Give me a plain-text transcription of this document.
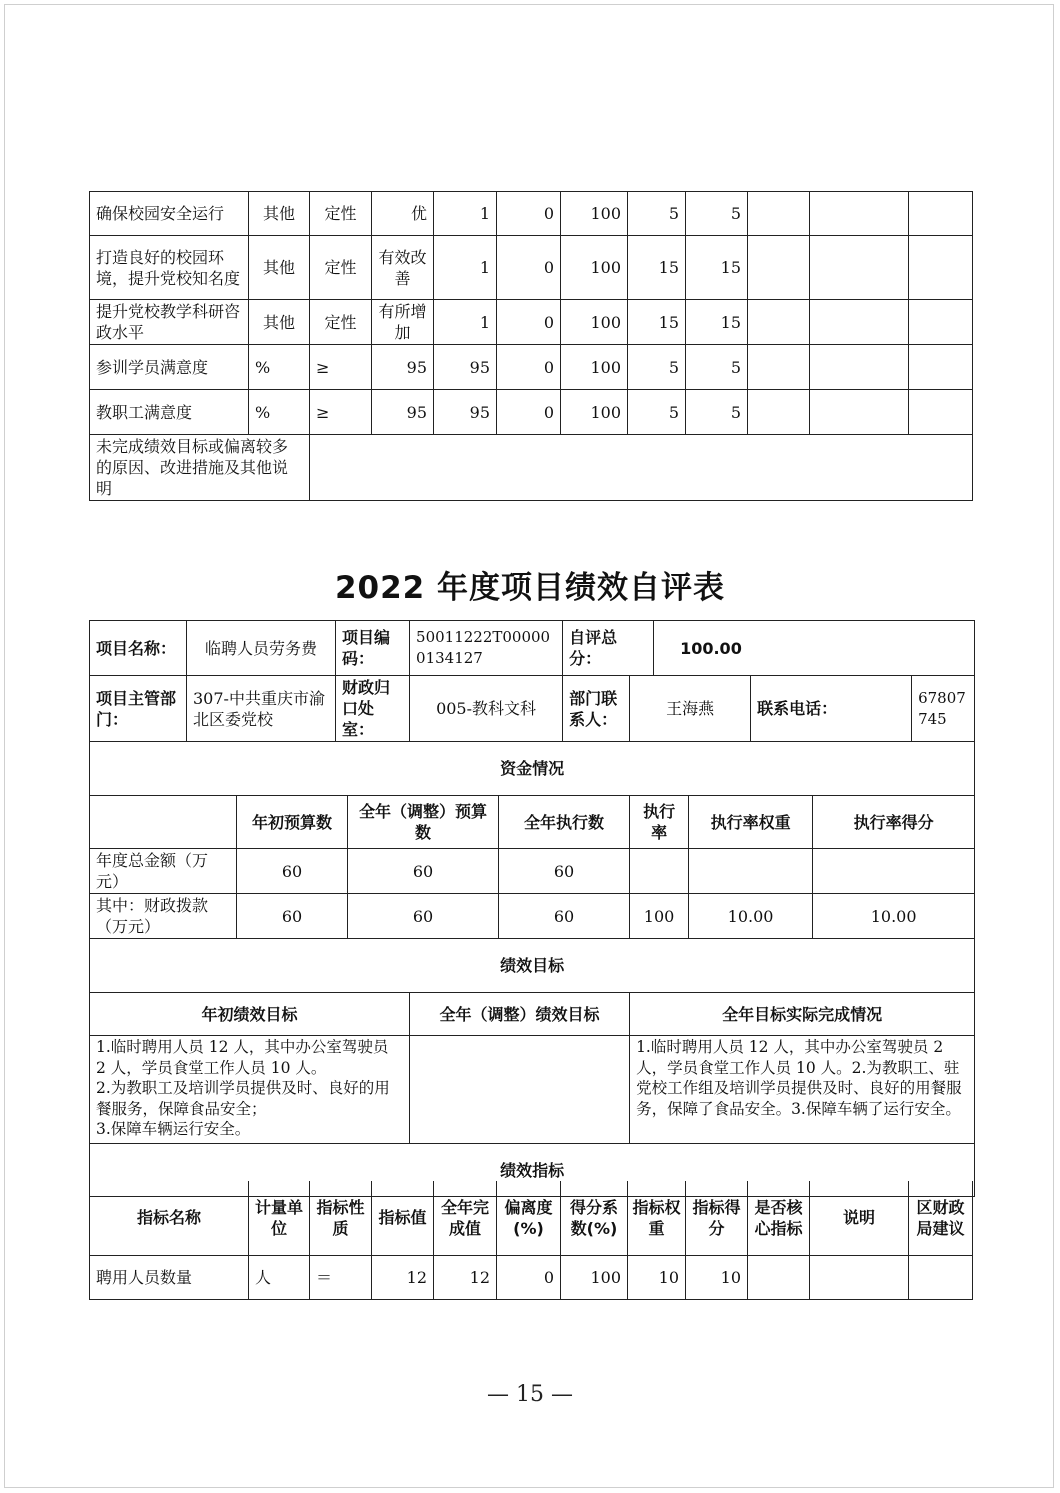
确保校园安全运行	其他	定性	优	1	0	100	5	5			
打造良好的校园环境，提升党校知名度	其他	定性	有效改善	1	0	100	15	15			
提升党校教学科研咨政水平	其他	定性	有所增加	1	0	100	15	15			
参训学员满意度	%	≥	95	95	0	100	5	5			
教职工满意度	%	≥	95	95	0	100	5	5			
未完成绩效目标或偏离较多的原因、改进措施及其他说明											
2022 年度项目绩效自评表
项目名称：	临聘人员劳务费		项目编码：		50011222T000000134127		自评总分：		100.00				
项目主管部门：	307-中共重庆市渝北区委党校		财政归口处室：		005-教科文科		部门联系人：	王海燕			联系电话：		67807745
资金情况													
		年初预算数		全年（调整）预算数		全年执行数		执行率		执行率权重		执行率得分	
年度总金额（万元）		60		60		60							
其中：财政拨款（万元）		60		60		60		100		10.00		10.00	
绩效目标													
年初绩效目标					全年（调整）绩效目标			全年目标实际完成情况					
1.临时聘用人员 12 人，其中办公室驾驶员 2 人，学员食堂工作人员 10 人。
2.为教职工及培训学员提供及时、良好的用餐服务，保障食品安全；
3.保障车辆运行安全。								1.临时聘用人员 12 人，其中办公室驾驶员 2 人，学员食堂工作人员 10 人。2.为教职工、驻党校工作组及培训学员提供及时、良好的用餐服务，保障了食品安全。3.保障车辆了运行安全。					
绩效指标													
指标名称	计量单位	指标性质	指标值	全年完成值	偏离度(%)	得分系数(%)	指标权重	指标得分	是否核心指标	说明	区财政局建议
聘用人员数量	人	＝	12	12	0	100	10	10			
— 15 —
